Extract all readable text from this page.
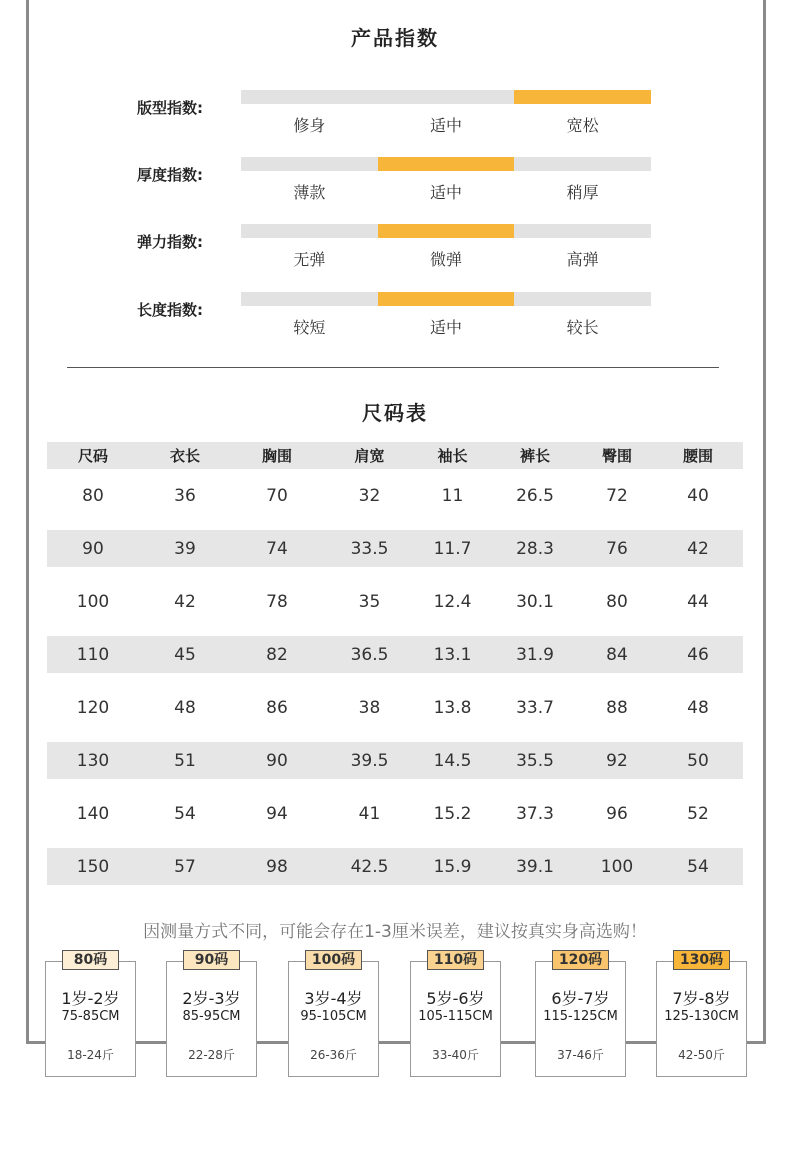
产品指数
版型指数:
修身	适中	宽松
厚度指数:
薄款	适中	稍厚
弹力指数:
无弹	微弹	高弹
长度指数:
较短	适中	较长
尺码表
尺码	衣长	胸围	肩宽	袖长	裤长	臀围	腰围
80	36	70	32	11	26.5	72	40
90	39	74	33.5	11.7	28.3	76	42
100	42	78	35	12.4	30.1	80	44
110	45	82	36.5	13.1	31.9	84	46
120	48	86	38	13.8	33.7	88	48
130	51	90	39.5	14.5	35.5	92	50
140	54	94	41	15.2	37.3	96	52
150	57	98	42.5	15.9	39.1	100	54
因测量方式不同，可能会存在1-3厘米误差，建议按真实身高选购！
80码
1岁-2岁
75-85CM
18-24斤
90码
2岁-3岁
85-95CM
22-28斤
100码
3岁-4岁
95-105CM
26-36斤
110码
5岁-6岁
105-115CM
33-40斤
120码
6岁-7岁
115-125CM
37-46斤
130码
7岁-8岁
125-130CM
42-50斤
